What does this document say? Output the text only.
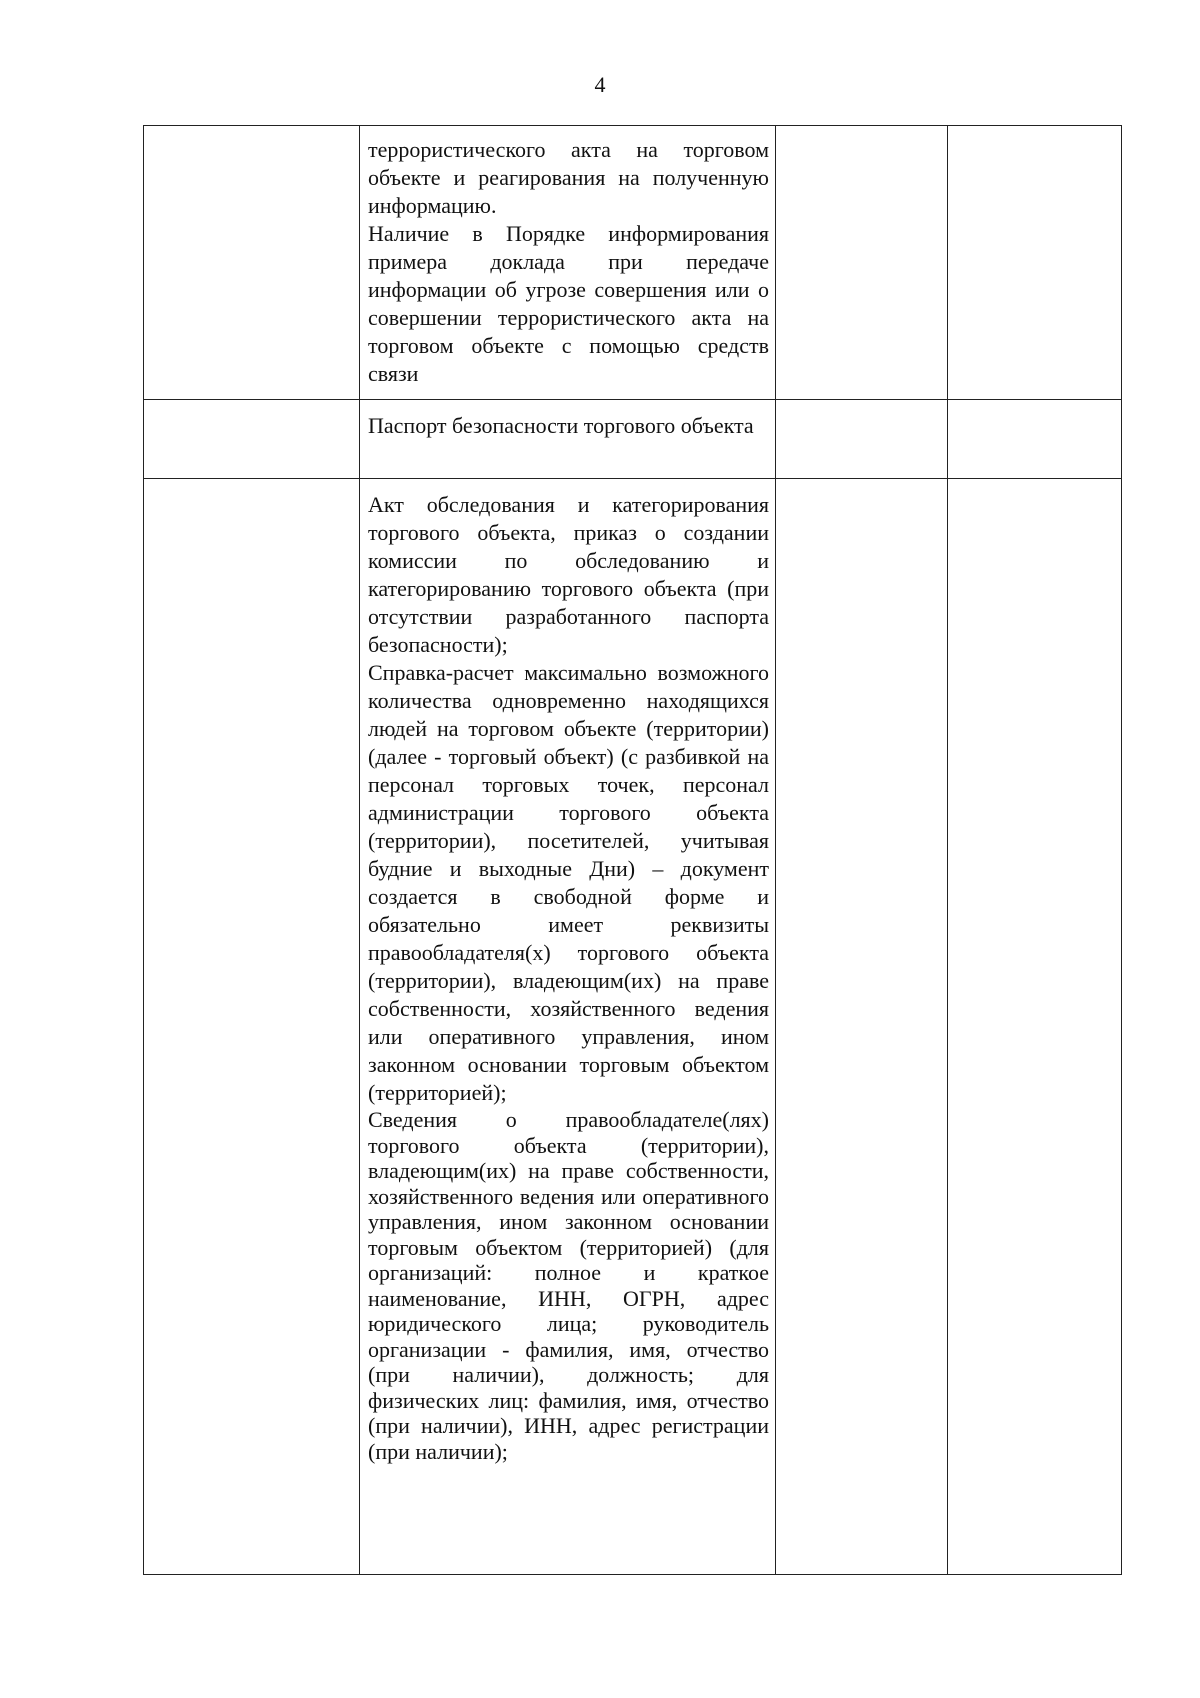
4

	террористического акта на торговом объекте и реагирования на полученную информацию.

Наличие в Порядке информирования примера доклада при передаче информации об угрозе совершения или о совершении террористического акта на торговом объекте с помощью средств связи		

	Паспорт безопасности торгового объекта		

	Акт обследования и категорирования торгового объекта, приказ о создании комиссии по обследованию и категорированию торгового объекта (при отсутствии разработанного паспорта безопасности);

Справка-расчет максимально возможного количества одновременно находящихся людей на торговом объекте (территории) (далее - торговый объект) (с разбивкой на персонал торговых точек, персонал администрации торгового объекта (территории), посетителей, учитывая будние и выходные Дни) – документ создается в свободной форме и обязательно имеет реквизиты правообладателя(х) торгового объекта (территории), владеющим(их) на праве собственности, хозяйственного ведения или оперативного управления, ином законном основании торговым объектом (территорией);

Сведения о правообладателе(лях) торгового объекта (территории), владеющим(их) на праве собственности, хозяйственного ведения или оперативного управления, ином законном основании торговым объектом (территорией) (для организаций: полное и краткое наименование, ИНН, ОГРН, адрес юридического лица; руководитель организации - фамилия, имя, отчество (при наличии), должность; для физических лиц: фамилия, имя, отчество (при наличии), ИНН, адрес регистрации (при наличии);		
